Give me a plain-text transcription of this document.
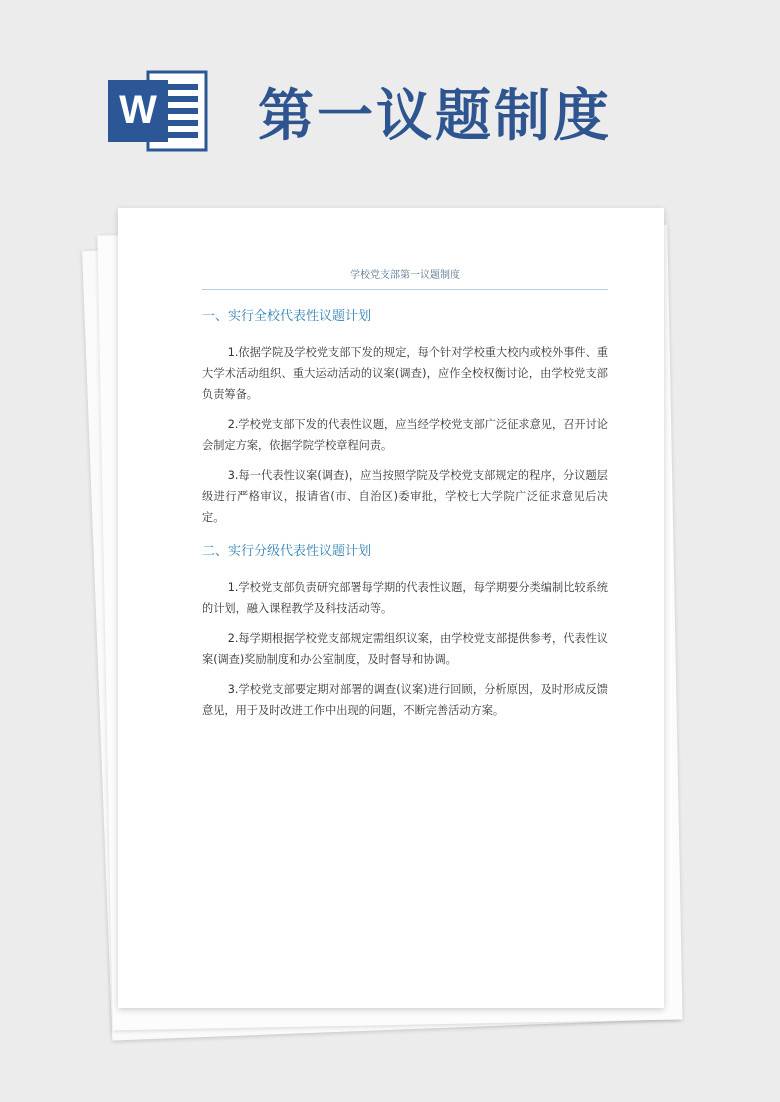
W 第一议题制度
学校党支部第一议题制度
一、实行全校代表性议题计划

1.依据学院及学校党支部下发的规定，每个针对学校重大校内或校外事件、重大学术活动组织、重大运动活动的议案(调查)，应作全校权衡讨论，由学校党支部负责筹备。

2.学校党支部下发的代表性议题，应当经学校党支部广泛征求意见，召开讨论会制定方案，依据学院学校章程问责。

3.每一代表性议案(调查)，应当按照学院及学校党支部规定的程序，分议题层级进行严格审议，报请省(市、自治区)委审批，学校七大学院广泛征求意见后决定。

二、实行分级代表性议题计划

1.学校党支部负责研究部署每学期的代表性议题，每学期要分类编制比较系统的计划，融入课程教学及科技活动等。

2.每学期根据学校党支部规定需组织议案，由学校党支部提供参考，代表性议案(调查)奖励制度和办公室制度，及时督导和协调。

3.学校党支部要定期对部署的调查(议案)进行回顾，分析原因，及时形成反馈意见，用于及时改进工作中出现的问题，不断完善活动方案。
